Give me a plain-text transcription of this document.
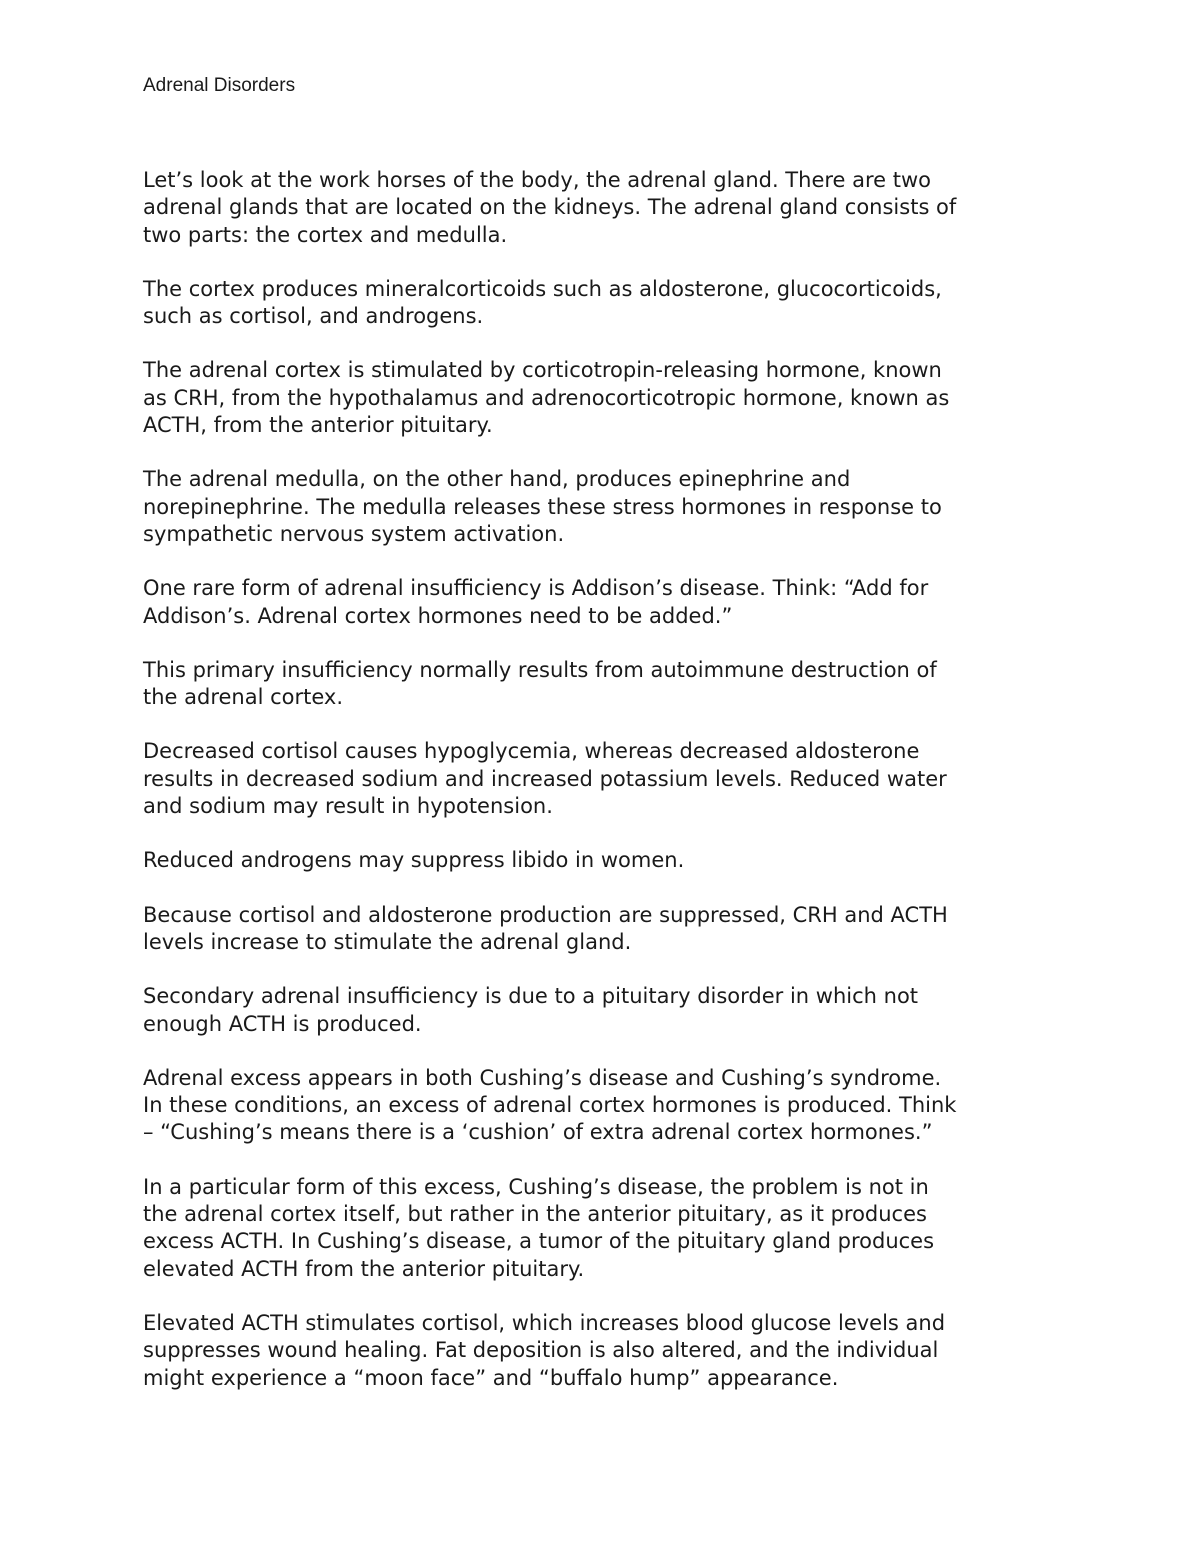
Adrenal Disorders

Let’s look at the work horses of the body, the adrenal gland. There are two
adrenal glands that are located on the kidneys. The adrenal gland consists of
two parts: the cortex and medulla.

The cortex produces mineralcorticoids such as aldosterone, glucocorticoids,
such as cortisol, and androgens.

The adrenal cortex is stimulated by corticotropin-releasing hormone, known
as CRH, from the hypothalamus and adrenocorticotropic hormone, known as
ACTH, from the anterior pituitary.

The adrenal medulla, on the other hand, produces epinephrine and
norepinephrine. The medulla releases these stress hormones in response to
sympathetic nervous system activation.

One rare form of adrenal insufficiency is Addison’s disease. Think: “Add for
Addison’s. Adrenal cortex hormones need to be added.”

This primary insufficiency normally results from autoimmune destruction of
the adrenal cortex.

Decreased cortisol causes hypoglycemia, whereas decreased aldosterone
results in decreased sodium and increased potassium levels. Reduced water
and sodium may result in hypotension.

Reduced androgens may suppress libido in women.

Because cortisol and aldosterone production are suppressed, CRH and ACTH
levels increase to stimulate the adrenal gland.

Secondary adrenal insufficiency is due to a pituitary disorder in which not
enough ACTH is produced.

Adrenal excess appears in both Cushing’s disease and Cushing’s syndrome.
In these conditions, an excess of adrenal cortex hormones is produced. Think
– “Cushing’s means there is a ‘cushion’ of extra adrenal cortex hormones.”

In a particular form of this excess, Cushing’s disease, the problem is not in
the adrenal cortex itself, but rather in the anterior pituitary, as it produces
excess ACTH. In Cushing’s disease, a tumor of the pituitary gland produces
elevated ACTH from the anterior pituitary.

Elevated ACTH stimulates cortisol, which increases blood glucose levels and
suppresses wound healing. Fat deposition is also altered, and the individual
might experience a “moon face” and “buffalo hump” appearance.
